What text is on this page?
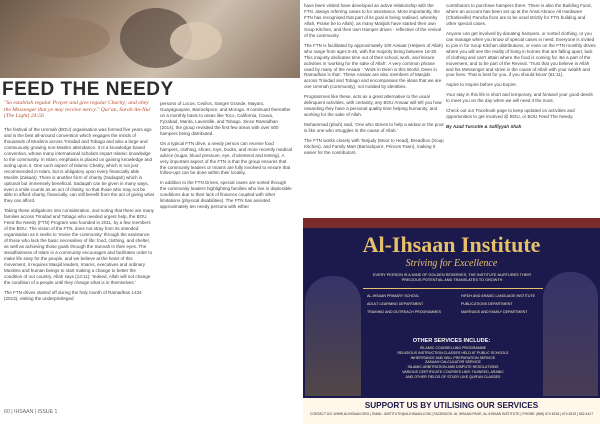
FEED THE NEEDY

"So establish regular Prayer and give regular Charity; and obey the Messenger that ye may receive mercy." Qur'an, Surah An-Nur (The Light) 24:56

The festival of the Ummah (BOU) organisation was formed five years ago and is the best all-around convention which engages the minds of thousands of Muslims across Trinidad and Tobago and also a large and continuously growing non-Muslim attendance. It is a knowledge based convention, whose many international scholars impart Islamic knowledge to the community. In Islam, emphasis is placed on gaining knowledge and acting upon it. One such aspect of Islamic Charity, which is not just recommended in Islam, but is obligatory upon every financially able Muslim (Zakaat). There is another form of charity (Sadaqah) which is optional but immensely beneficial. Sadaqah can be given in many ways, even a smile counts as an act of charity, so that those who may not be able to afford charity, financially, can still benefit from the act of giving what they can afford.

Taking these obligations into consideration, and noting that there are many families across Trinidad and Tobago who needed urgent help, the BOU Feed the Needy (FTN) Program was founded in 2011, by a few members of the BOU. The vision of the FTN, does not stray from its intended organisation as it seeks to 'revive the community' through the assistance of those who lack the basic necessities of life: food, clothing, and shelter, as well as achieving those goals through the Sunnah in their eyes. The steadfastness of Islam in a community encourages and facilitates order to make life easy for the people, and we believe at the heart of this movement, it requires Masjid leaders, Imams, executives and ordinary Muslims and human beings to start making a change to better the condition of our country. Allah says (13:11): 'Indeed, Allah will not change the condition of a people until they change what is in themselves.'

The FTN drives started off during the holy month of Ramadhan 1434 (2013), visiting the underprivileged

persons of Locos, Cedros, Sangre Grande, Mayaro, Guayaguayare, Barrackpore, and Moruga. It continued thereafter on a monthly basis to areas like Toco, California, Couva, Fyzabad, Marita, Laventille, and Tobago. Since Ramadhan (2014), the group revisited the first few areas with over 500 hampers being distributed.

On a typical FTN drive, a needy person can receive food hampers, clothing, shoes, toys, books, and more recently medical advice (sugar, blood pressure, eye, cholesterol and testing). A very important aspect of the FTN is that the group ensures that the community leaders or Imams are fully involved to ensure that follow-ups can be done within their locality.

In addition to the FTN Drives, special cases are sorted through the community leaders highlighting families who live in deplorable conditions due to their lack of finances coupled with other limitations (physical disabilities). The FTN has assisted approximately ten needy persons with either

60 | IHSAAN | ISSUE 1

have been visited have developed an active relationship with the FTN, always referring cases to for assistance. More importantly, the FTN has recognised that part of its goal is being realised, whereby Allah, Praise be to Allah), as many Masjids have started their own Soup Kitchen, and their own Hamper drives - reflective of the revival of the community.

The FTN is facilitated by approximately 100 Ansaar (Helpers of Allah) who range from ages 5-45, with the majority being between 18-30. This majority dedicates time out of their school, work, and leisure activities in 'working for the sake of Allah'. A very common phrase used by many of the Ansaar - 'Work in Deen is this World, Deen in Ramadhan is that'. These Ansaar are also members of Masjids across Trinidad and Tobago and encompasses the ideas that we are one Ummah (community), not molded by identities.

Programmes like these, acts as a great alternative to the usual delinquent activities, with certainty, any BOU Ansaar will tell you how rewarding they have a personal quality time helping humanity, and working for the sake of Allah.

Muhammad (pbuh) said, 'One who strives to help a widow or the poor is like one who struggles in the cause of Allah.'

The FTN works closely with Tanjudy (Moor to Head), Breadbox (Soup Kitchen), and Family Mart (Barrackpore, Princes Town), making it easier for the contributors.

contributors to purchase hampers there. There is also the Building Fund, where an account has been set up at the Amal Abrace All Hardware (Charlieville) Pancha from are to be used strictly for FTN building and other special cases.

Anyone can get involved by donating hampers, or sorted clothing, or you can manage when you know of special cases in need. Everyone is invited to join in for Soup Kitchen distributions, or even on the FTN monthly drives where you will see the reality of living in homes that are falling apart, lack of clothing and can't attain where the food is coming for. Be a part of the movement, and to be part of the Revival. 'Trust that you believe in Allah and his Messenger and strive in the cause of Allah with your wealth and your lives. That is best for you, if you should know' (61:11).

Aspire to Inspire before you Expire.

Your stay in this life is short and temporary, and forward your good deeds to meet you on the day when we will need it the most.

Check out our Facebook page to keep updated on activities and opportunities to get involved @ BOU, or BOU Feed The Needy.

By Azad Turcotte & Saffiyyah Shah

Al-Ihsaan Institute
Striving for Excellence
EVERY PERSON IS A MINE OF GOLDEN RESERVES, THE INSTITUTE NURTURES THEIR PRECIOUS POTENTIAL AND TRANSLATES TO GROWTH
AL-IHSAAN PRIMARY SCHOOL
ADULT LEARNING DEPARTMENT
TRAINING AND OUTREACH PROGRAMMES
HIFDH AND ARABIC LANGUAGE INSTITUTE
PUBLICATIONS DEPARTMENT
MARRIAGE AND FAMILY DEPARTMENT
OTHER SERVICES INCLUDE:
ISLAMIC COUNSELLING PROGRAMME
RELIGIOUS INSTRUCTION CLASSES HELD AT PUBLIC SCHOOLS
INHERITANCE AND WILL PREPARATION SERVICE
ZAKAAH CALCULATOR SERVICE
ISLAMIC ARBITRATION AND DISPUTE RESOLUTIONS
VARIOUS CERTIFICATE COURSES LIKE: TAJWEED, ARABIC
AND OTHER FIELDS OF STUDY LIKE QUR'AN CLASSES
SUPPORT US BY UTILISING OUR SERVICES
CONTACT US: WWW.ALIHSAAN.ORG | EMAIL: INSTITUTE@ALIHSAAN.COM | FACEBOOK: AL IHSAAN PAGE, AL-IHSAAN INSTITUTE | PHONE: (868) 674 8218 | 674 8219 | 652 4417
